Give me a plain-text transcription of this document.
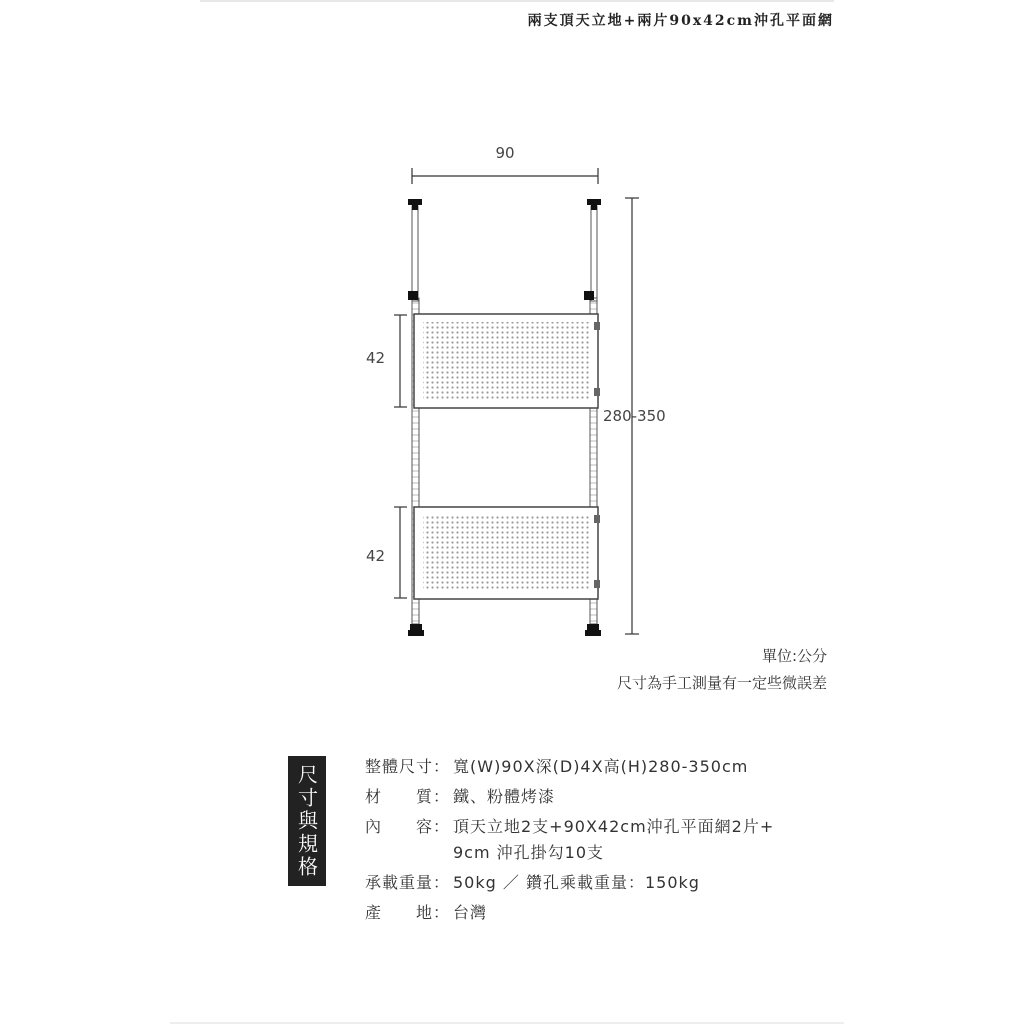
兩支頂天立地+兩片90x42cm沖孔平面網
90
280-350
42
42
單位:公分
尺寸為手工測量有一定些微誤差
尺寸與規格	整體尺寸： 寬(W)90X深(D)4X高(H)280-350cm
材　　質： 鐵、粉體烤漆
內　　容： 頂天立地2支+90X42cm沖孔平面網2片+
9cm 沖孔掛勾10支
承載重量： 50kg ／ 鑽孔乘載重量：150kg
產　　地： 台灣
